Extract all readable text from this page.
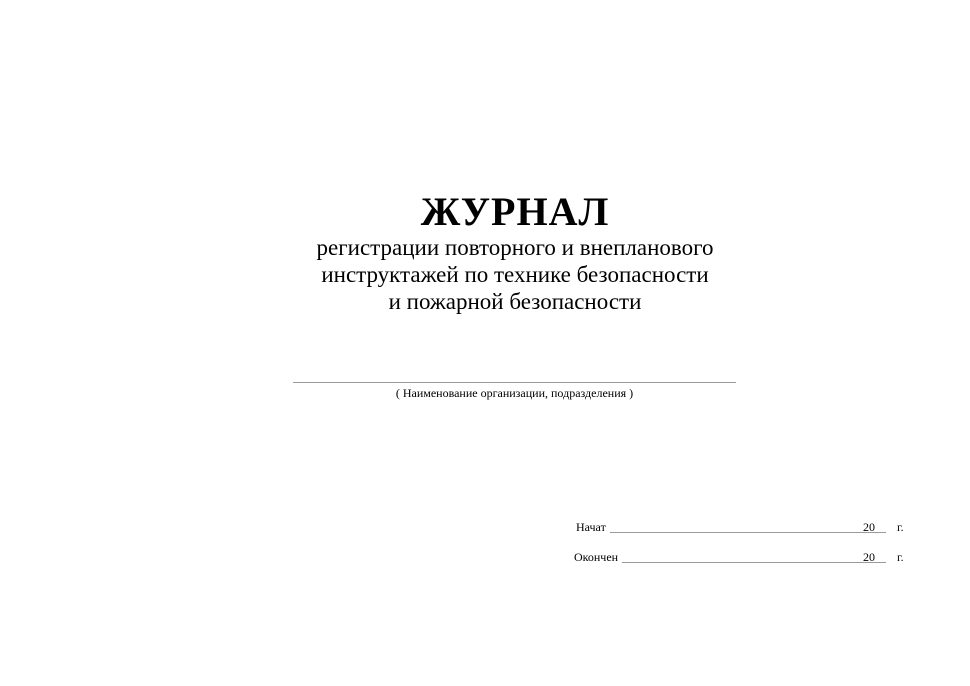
ЖУРНАЛ
регистрации повторного и внепланового
инструктажей по технике безопасности
и пожарной безопасности
( Наименование организации, подразделения )
Начат	20 г.
Окончен	20 г.
